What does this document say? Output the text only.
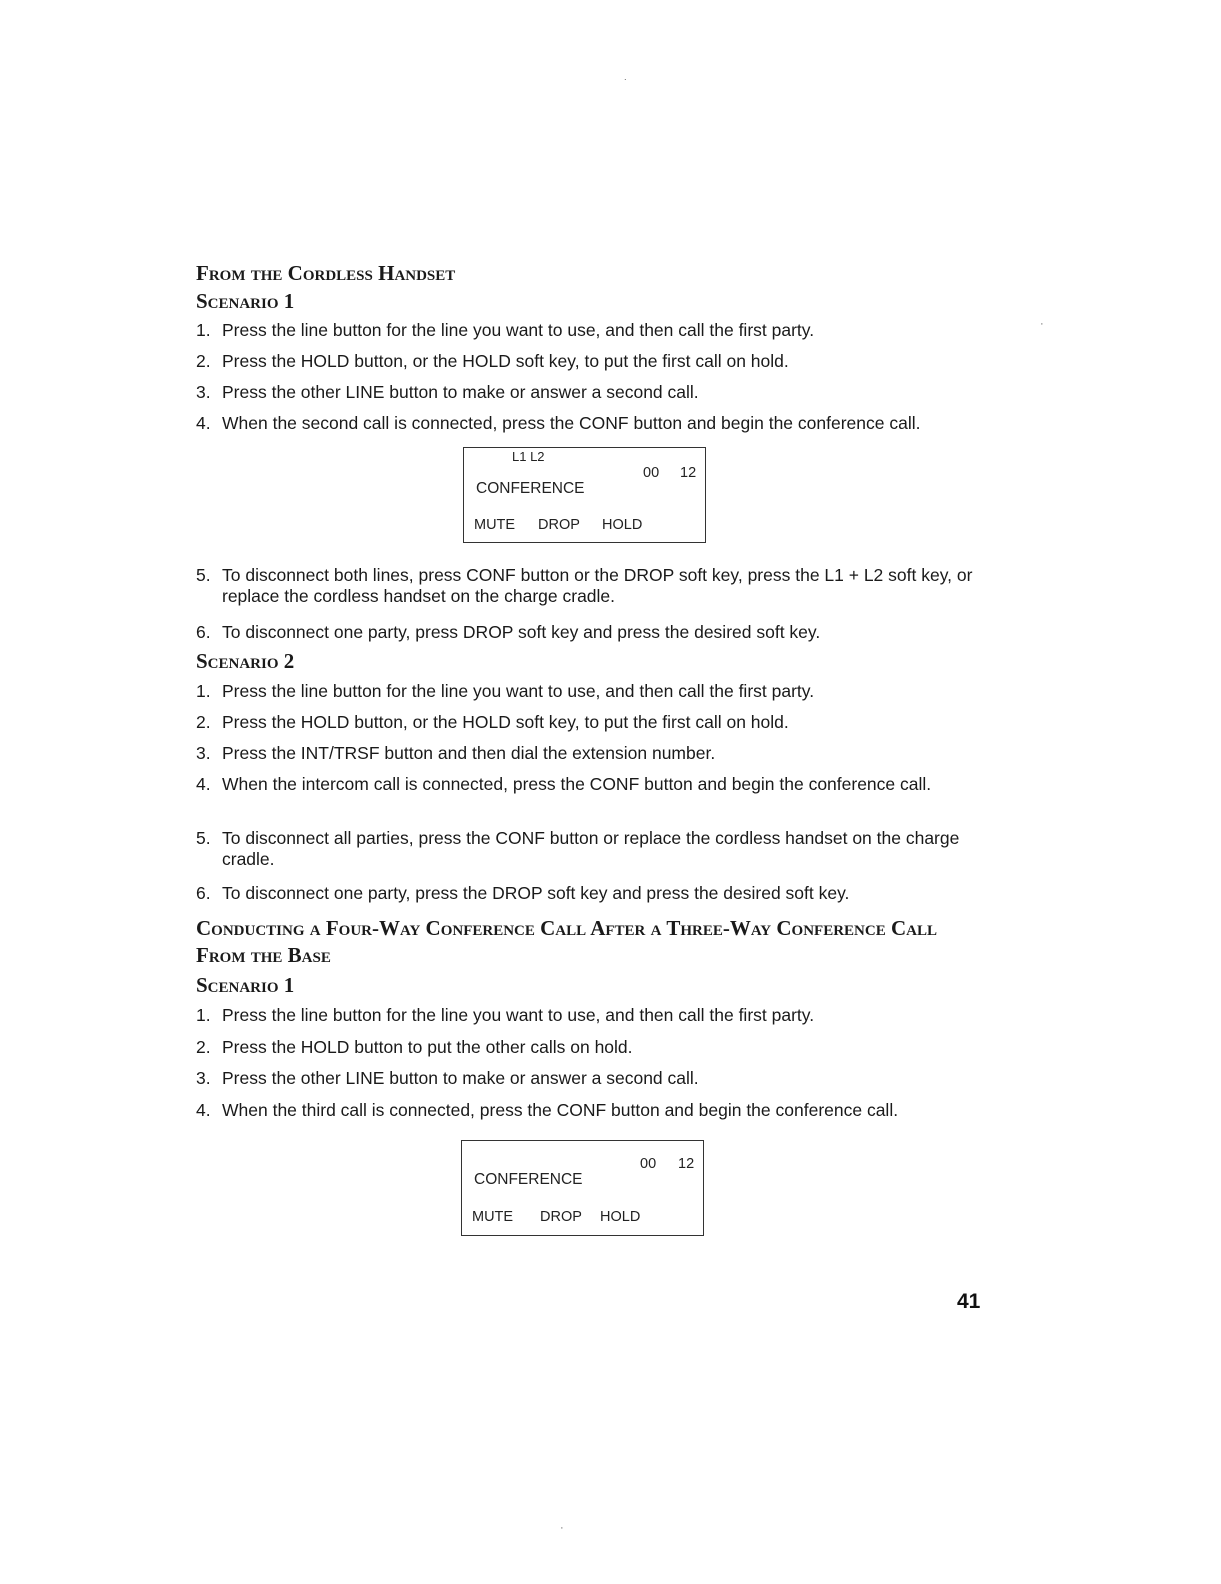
From the Cordless Handset
Scenario 1
1. Press the line button for the line you want to use, and then call the first party.
2. Press the HOLD button, or the HOLD soft key, to put the first call on hold.
3. Press the other LINE button to make or answer a second call.
4. When the second call is connected, press the CONF button and begin the conference call.
L1 L2
00 12
CONFERENCE
MUTE DROP HOLD
5. To disconnect both lines, press CONF button or the DROP soft key, press the L1 + L2 soft key, or replace the cordless handset on the charge cradle.
6. To disconnect one party, press DROP soft key and press the desired soft key.
Scenario 2
1. Press the line button for the line you want to use, and then call the first party.
2. Press the HOLD button, or the HOLD soft key, to put the first call on hold.
3. Press the INT/TRSF button and then dial the extension number.
4. When the intercom call is connected, press the CONF button and begin the conference call.
5. To disconnect all parties, press the CONF button or replace the cordless handset on the charge cradle.
6. To disconnect one party, press the DROP soft key and press the desired soft key.
Conducting a Four-Way Conference Call After a Three-Way Conference Call
From the Base
Scenario 1
1. Press the line button for the line you want to use, and then call the first party.
2. Press the HOLD button to put the other calls on hold.
3. Press the other LINE button to make or answer a second call.
4. When the third call is connected, press the CONF button and begin the conference call.
00 12
CONFERENCE
MUTE DROP HOLD
˙
·
·
41
